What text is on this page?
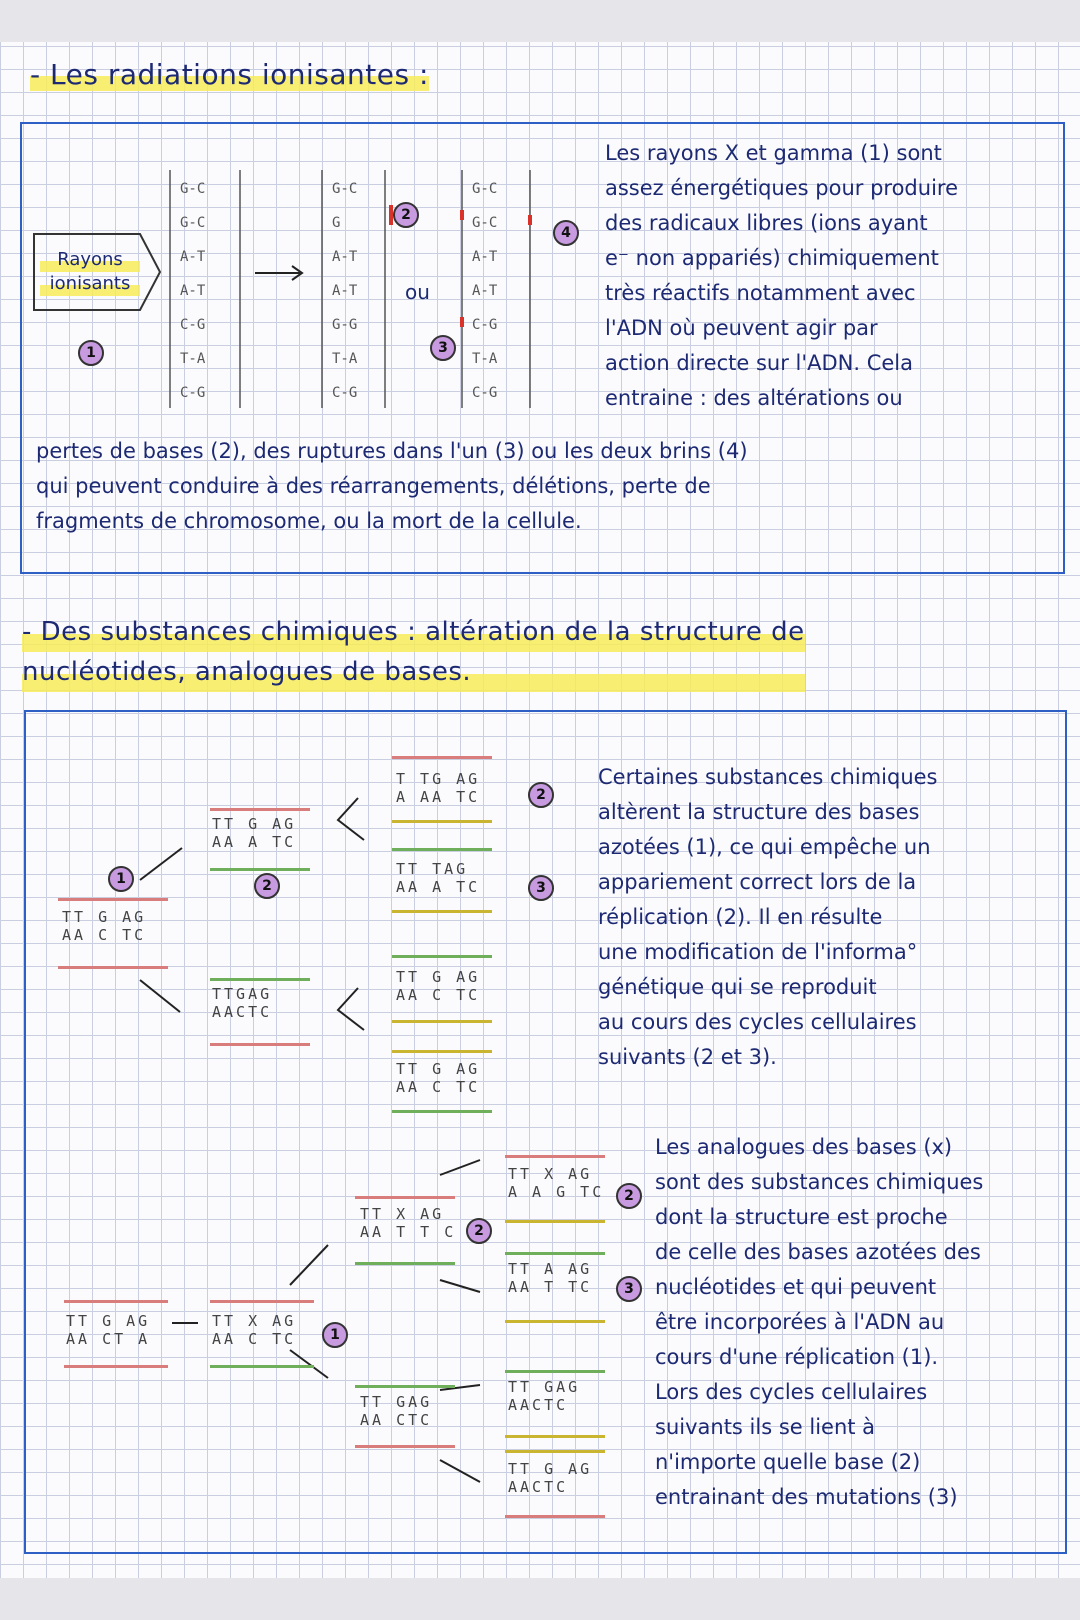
- Les radiations ionisantes :
Rayons
ionisants
1
2
3
4
ou
G-C
G-C
A-T
A-T
C-G
T-A
C-G
G-C
G
A-T
A-T
G-G
T-A
C-G
G-C
G-C
A-T
A-T
C-G
T-A
C-G

Les rayons X et gamma (1) sont

assez énergétiques pour produire

des radicaux libres (ions ayant

e⁻ non appariés) chimiquement

très réactifs notamment avec

l'ADN où peuvent agir par

action directe sur l'ADN. Cela

entraine : des altérations ou

pertes de bases (2), des ruptures dans l'un (3) ou les deux brins (4)

qui peuvent conduire à des réarrangements, délétions, perte de

fragments de chromosome, ou la mort de la cellule.

- Des substances chimiques : altération de la structure de
nucléotides, analogues de bases.
TT G AG
AA C TC
1
TT G AG
AA A TC
2
TTGAG
AACTC
T TG AG
A AA TC	2
TT TAG
AA A TC	3
TT G AG
AA C TC
TT G AG
AA C TC
TT G AG
AA CT A
TT X AG
AA C TC	1
TT X AG
AA T T C	2
TT GAG
AA CTC
TT X AG
A A G TC	2
TT A AG
AA T TC	3
TT GAG
AACTC
TT G AG
AACTC

Certaines substances chimiques

altèrent la structure des bases

azotées (1), ce qui empêche un

appariement correct lors de la

réplication (2). Il en résulte

une modification de l'informa°

génétique qui se reproduit

au cours des cycles cellulaires

suivants (2 et 3).

Les analogues des bases (x)

sont des substances chimiques

dont la structure est proche

de celle des bases azotées des

nucléotides et qui peuvent

être incorporées à l'ADN au

cours d'une réplication (1).

Lors des cycles cellulaires

suivants ils se lient à

n'importe quelle base (2)

entrainant des mutations (3)
